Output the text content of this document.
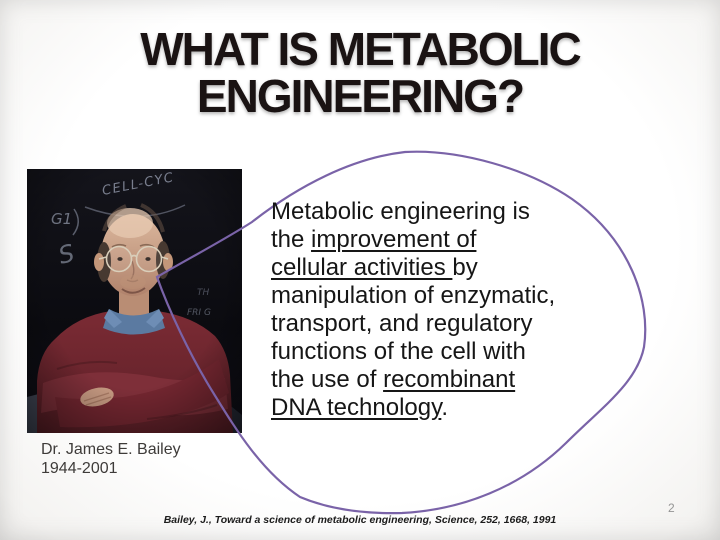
WHAT IS METABOLIC
ENGINEERING?
Dr. James E. Bailey
1944-2001
Metabolic engineering is
the improvement of
cellular activities by
manipulation of enzymatic,
transport, and regulatory
functions of the cell with
the use of recombinant
DNA technology.
Bailey, J., Toward a science of metabolic engineering, Science, 252, 1668, 1991
2
